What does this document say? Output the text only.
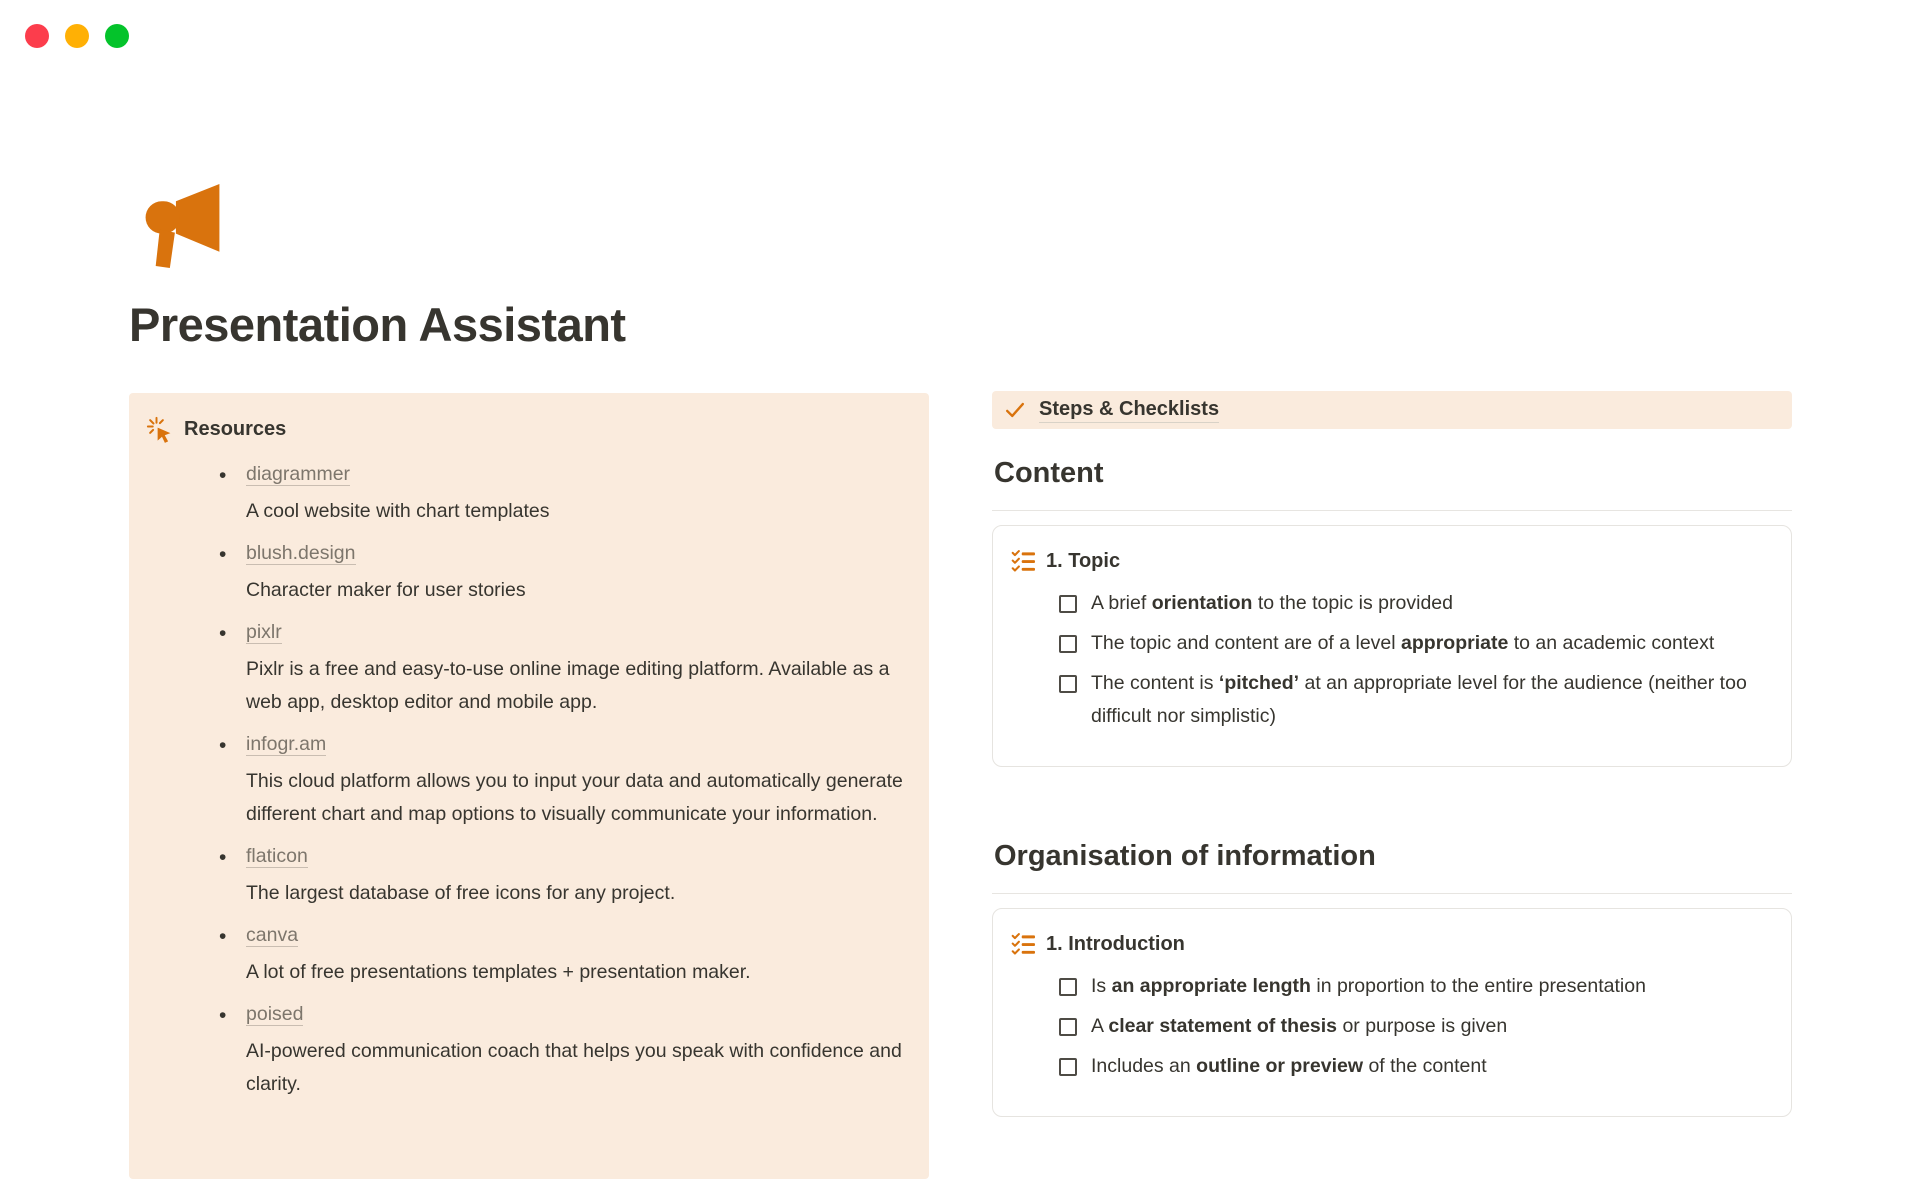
Presentation Assistant
Resources
• diagrammer
A cool website with chart templates
• blush.design
Character maker for user stories
• pixlr
Pixlr is a free and easy-to-use online image editing platform. Available as a web app, desktop editor and mobile app.
• infogr.am
This cloud platform allows you to input your data and automatically generate different chart and map options to visually communicate your information.
• flaticon
The largest database of free icons for any project.
• canva
A lot of free presentations templates + presentation maker.
• poised
AI-powered communication coach that helps you speak with confidence and clarity.
Steps & Checklists
Content
1. Topic
A brief orientation to the topic is provided
The topic and content are of a level appropriate to an academic context
The content is ‘pitched’ at an appropriate level for the audience (neither too difficult nor simplistic)
Organisation of information
1. Introduction
Is an appropriate length in proportion to the entire presentation
A clear statement of thesis or purpose is given
Includes an outline or preview of the content
